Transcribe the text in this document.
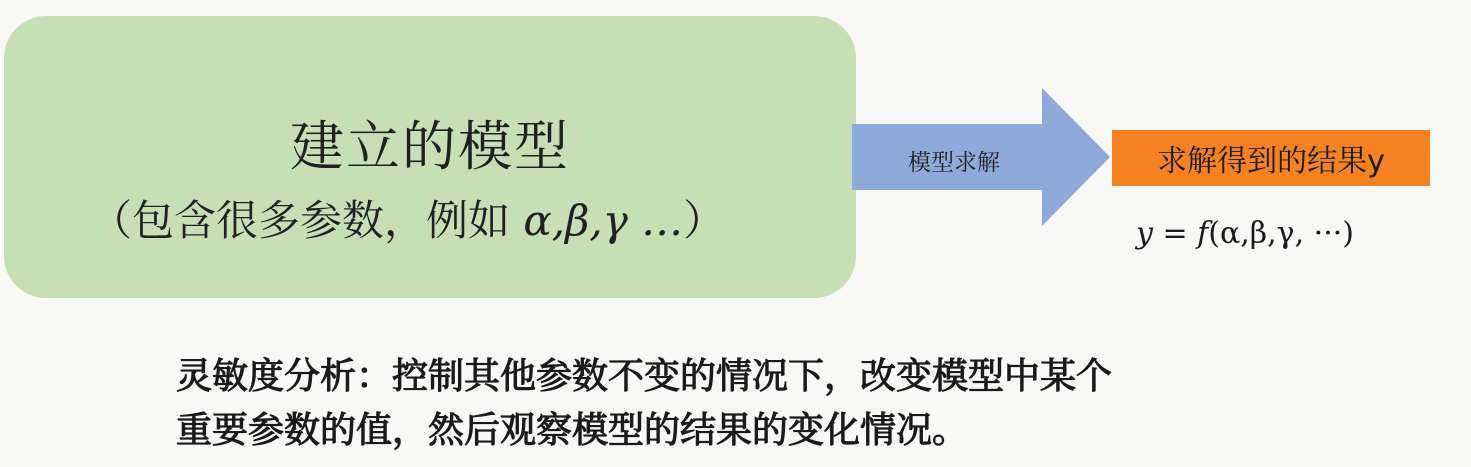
建立的模型
（包含很多参数，例如 α,β,γ …）
模型求解	求解得到的结果y
y = f(α,β,γ, ···)
灵敏度分析：控制其他参数不变的情况下，改变模型中某个
重要参数的值，然后观察模型的结果的变化情况。
